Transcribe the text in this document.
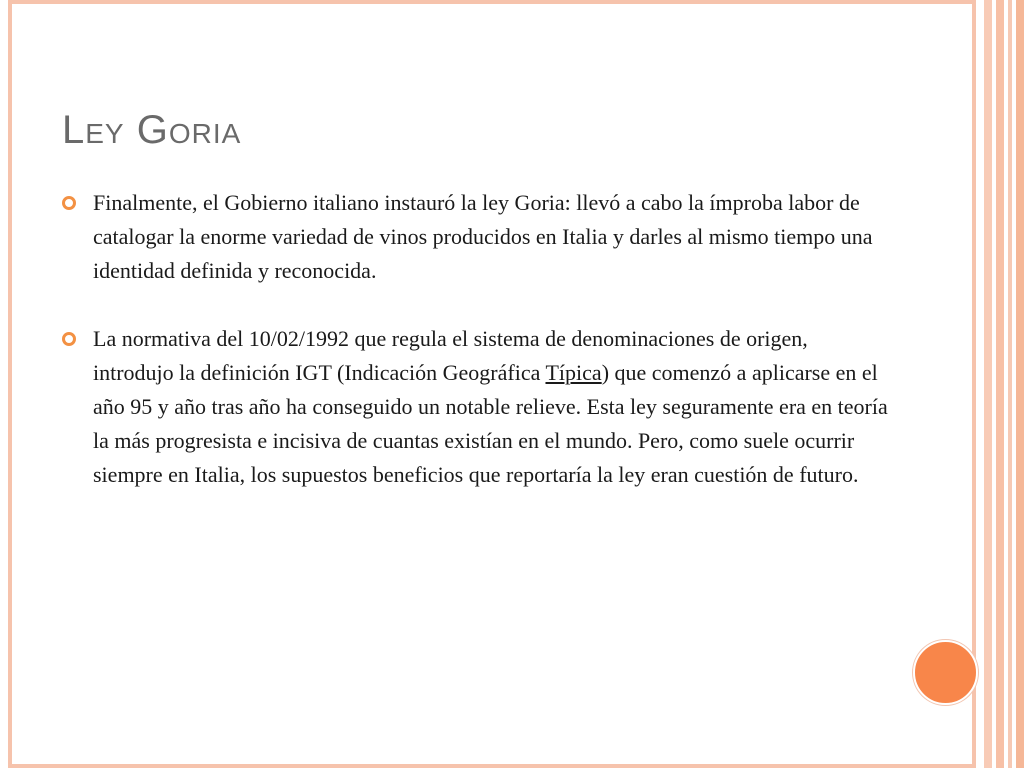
Ley Goria
Finalmente, el Gobierno italiano instauró la ley Goria: llevó a cabo la ímproba labor de catalogar la enorme variedad de vinos producidos en Italia y darles al mismo tiempo una identidad definida y reconocida.
La normativa del 10/02/1992 que regula el sistema de denominaciones de origen, introdujo la definición IGT (Indicación Geográfica Típica) que comenzó a aplicarse en el año 95 y año tras año ha conseguido un notable relieve. Esta ley seguramente era en teoría la más progresista e incisiva de cuantas existían en el mundo. Pero, como suele ocurrir siempre en Italia, los supuestos beneficios que reportaría la ley eran cuestión de futuro.
